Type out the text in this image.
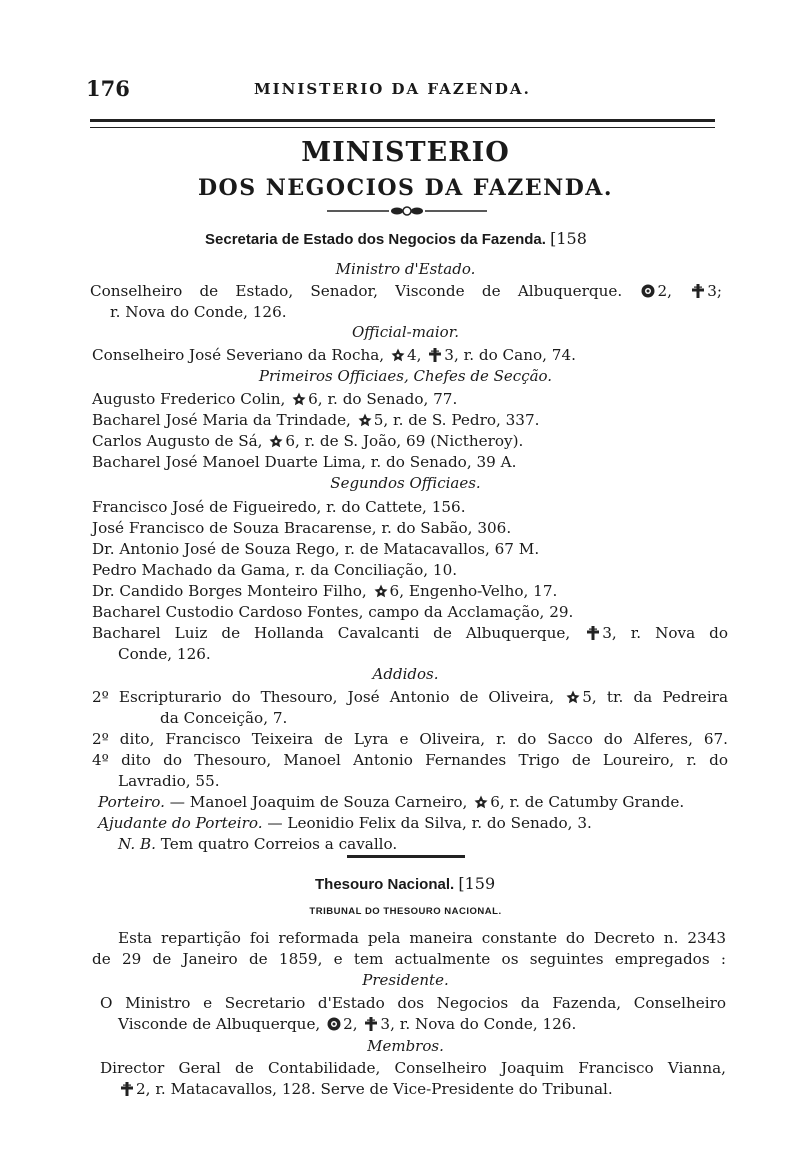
176	MINISTERIO DA FAZENDA.
MINISTERIO
DOS NEGOCIOS DA FAZENDA.
Secretaria de Estado dos Negocios da Fazenda. [158
Ministro d'Estado.
Conselheiro de Estado, Senador, Visconde de Albuquerque. 2, 3;
r. Nova do Conde, 126.
Official-maior.
Conselheiro José Severiano da Rocha, 4, 3, r. do Cano, 74.
Primeiros Officiaes, Chefes de Secção.
Augusto Frederico Colin, 6, r. do Senado, 77.
Bacharel José Maria da Trindade, 5, r. de S. Pedro, 337.
Carlos Augusto de Sá, 6, r. de S. João, 69 (Nictheroy).
Bacharel José Manoel Duarte Lima, r. do Senado, 39 A.
Segundos Officiaes.
Francisco José de Figueiredo, r. do Cattete, 156.
José Francisco de Souza Bracarense, r. do Sabão, 306.
Dr. Antonio José de Souza Rego, r. de Matacavallos, 67 M.
Pedro Machado da Gama, r. da Conciliação, 10.
Dr. Candido Borges Monteiro Filho, 6, Engenho-Velho, 17.
Bacharel Custodio Cardoso Fontes, campo da Acclamação, 29.
Bacharel Luiz de Hollanda Cavalcanti de Albuquerque, 3, r. Nova do
Conde, 126.
Addidos.
2º Escripturario do Thesouro, José Antonio de Oliveira, 5, tr. da Pedreira
da Conceição, 7.
2º dito, Francisco Teixeira de Lyra e Oliveira, r. do Sacco do Alferes, 67.
4º dito do Thesouro, Manoel Antonio Fernandes Trigo de Loureiro, r. do
Lavradio, 55.
Porteiro. — Manoel Joaquim de Souza Carneiro, 6, r. de Catumby Grande.
Ajudante do Porteiro. — Leonidio Felix da Silva, r. do Senado, 3.
N. B. Tem quatro Correios a cavallo.
Thesouro Nacional. [159
TRIBUNAL DO THESOURO NACIONAL.
Esta repartição foi reformada pela maneira constante do Decreto n. 2343
de 29 de Janeiro de 1859, e tem actualmente os seguintes empregados :
Presidente.
O Ministro e Secretario d'Estado dos Negocios da Fazenda, Conselheiro
Visconde de Albuquerque, 2, 3, r. Nova do Conde, 126.
Membros.
Director Geral de Contabilidade, Conselheiro Joaquim Francisco Vianna,
2, r. Matacavallos, 128. Serve de Vice-Presidente do Tribunal.
